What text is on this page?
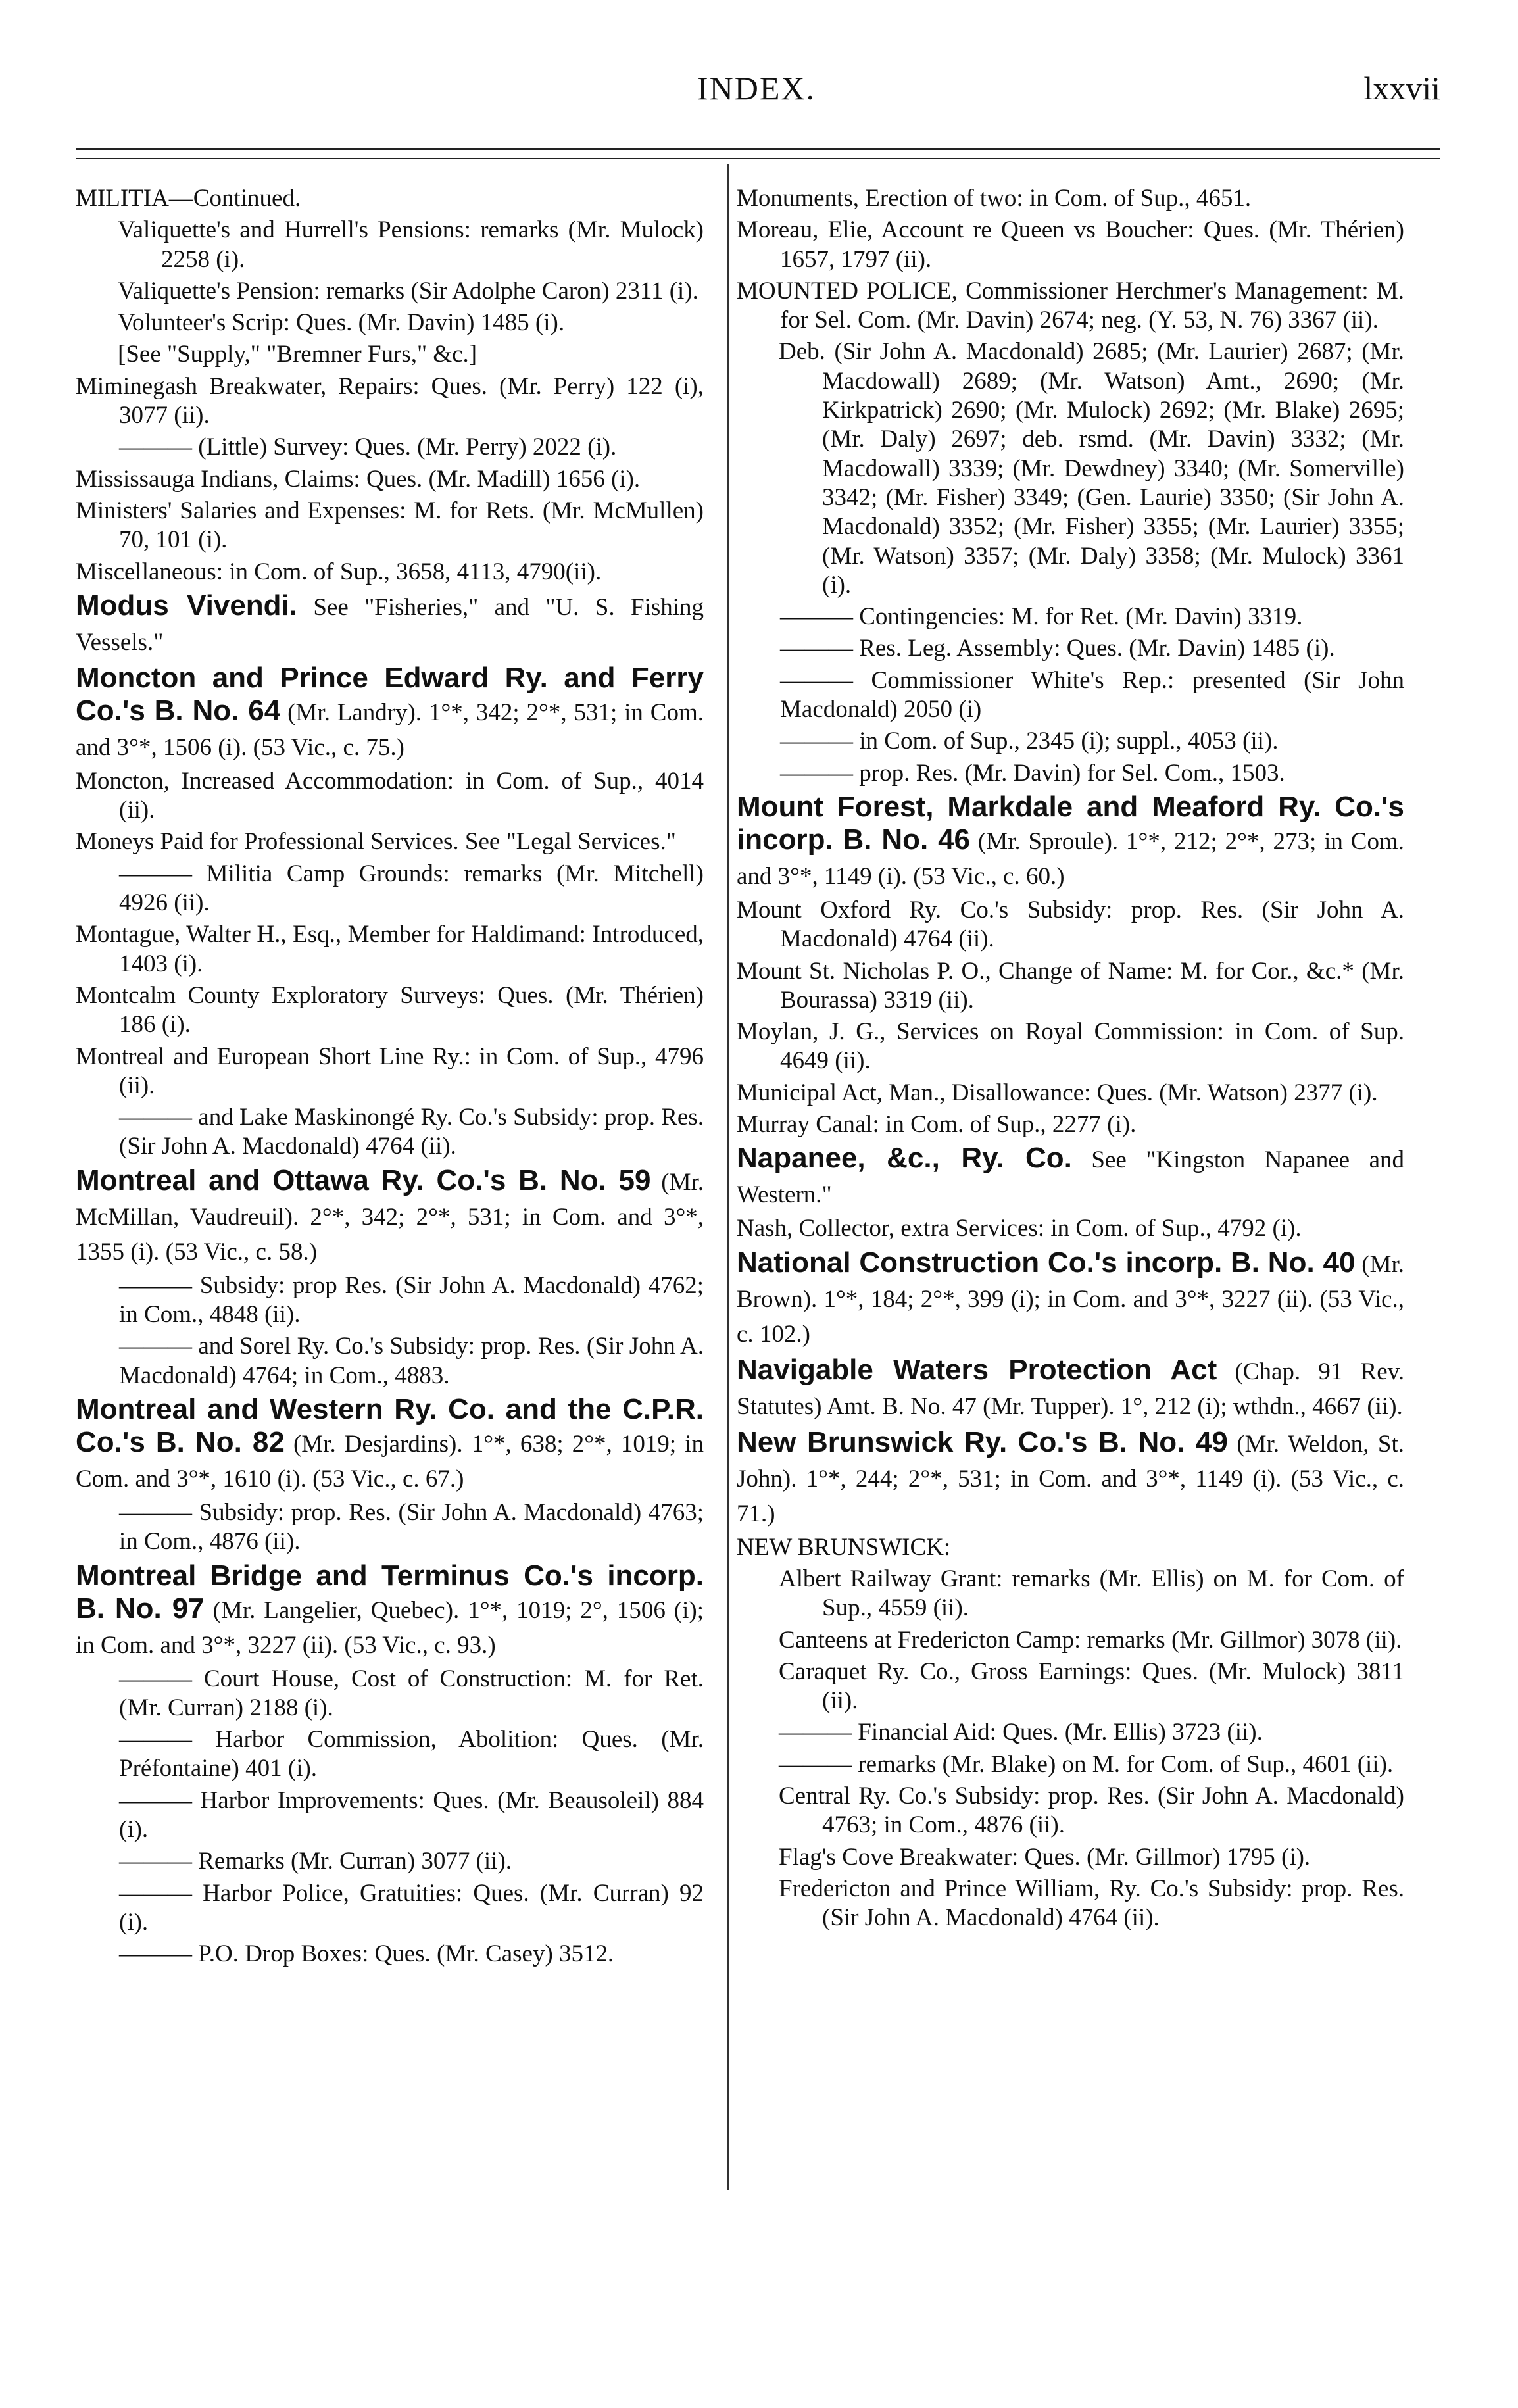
INDEX.	lxxvii
MILITIA—Continued.
Valiquette's and Hurrell's Pensions: remarks (Mr. Mulock) 2258 (i).
Valiquette's Pension: remarks (Sir Adolphe Caron) 2311 (i).
Volunteer's Scrip: Ques. (Mr. Davin) 1485 (i).
[See "Supply," "Bremner Furs," &c.]
Miminegash Breakwater, Repairs: Ques. (Mr. Perry) 122 (i), 3077 (ii).
——— (Little) Survey: Ques. (Mr. Perry) 2022 (i).
Mississauga Indians, Claims: Ques. (Mr. Madill) 1656 (i).
Ministers' Salaries and Expenses: M. for Rets. (Mr. McMullen) 70, 101 (i).
Miscellaneous: in Com. of Sup., 3658, 4113, 4790(ii).
Modus Vivendi. See "Fisheries," and "U. S. Fishing Vessels."
Moncton and Prince Edward Ry. and Ferry Co.'s B. No. 64 (Mr. Landry). 1°*, 342; 2°*, 531; in Com. and 3°*, 1506 (i). (53 Vic., c. 75.)
Moncton, Increased Accommodation: in Com. of Sup., 4014 (ii).
Moneys Paid for Professional Services. See "Legal Services."
——— Militia Camp Grounds: remarks (Mr. Mitchell) 4926 (ii).
Montague, Walter H., Esq., Member for Haldimand: Introduced, 1403 (i).
Montcalm County Exploratory Surveys: Ques. (Mr. Thérien) 186 (i).
Montreal and European Short Line Ry.: in Com. of Sup., 4796 (ii).
——— and Lake Maskinongé Ry. Co.'s Subsidy: prop. Res. (Sir John A. Macdonald) 4764 (ii).
Montreal and Ottawa Ry. Co.'s B. No. 59 (Mr. McMillan, Vaudreuil). 2°*, 342; 2°*, 531; in Com. and 3°*, 1355 (i). (53 Vic., c. 58.)
——— Subsidy: prop Res. (Sir John A. Macdonald) 4762; in Com., 4848 (ii).
——— and Sorel Ry. Co.'s Subsidy: prop. Res. (Sir John A. Macdonald) 4764; in Com., 4883.
Montreal and Western Ry. Co. and the C.P.R. Co.'s B. No. 82 (Mr. Desjardins). 1°*, 638; 2°*, 1019; in Com. and 3°*, 1610 (i). (53 Vic., c. 67.)
——— Subsidy: prop. Res. (Sir John A. Macdonald) 4763; in Com., 4876 (ii).
Montreal Bridge and Terminus Co.'s incorp. B. No. 97 (Mr. Langelier, Quebec). 1°*, 1019; 2°, 1506 (i); in Com. and 3°*, 3227 (ii). (53 Vic., c. 93.)
——— Court House, Cost of Construction: M. for Ret. (Mr. Curran) 2188 (i).
——— Harbor Commission, Abolition: Ques. (Mr. Préfontaine) 401 (i).
——— Harbor Improvements: Ques. (Mr. Beausoleil) 884 (i).
——— Remarks (Mr. Curran) 3077 (ii).
——— Harbor Police, Gratuities: Ques. (Mr. Curran) 92 (i).
——— P.O. Drop Boxes: Ques. (Mr. Casey) 3512.
Monuments, Erection of two: in Com. of Sup., 4651.
Moreau, Elie, Account re Queen vs Boucher: Ques. (Mr. Thérien) 1657, 1797 (ii).
MOUNTED POLICE, Commissioner Herchmer's Management: M. for Sel. Com. (Mr. Davin) 2674; neg. (Y. 53, N. 76) 3367 (ii).
Deb. (Sir John A. Macdonald) 2685; (Mr. Laurier) 2687; (Mr. Macdowall) 2689; (Mr. Watson) Amt., 2690; (Mr. Kirkpatrick) 2690; (Mr. Mulock) 2692; (Mr. Blake) 2695; (Mr. Daly) 2697; deb. rsmd. (Mr. Davin) 3332; (Mr. Macdowall) 3339; (Mr. Dewdney) 3340; (Mr. Somerville) 3342; (Mr. Fisher) 3349; (Gen. Laurie) 3350; (Sir John A. Macdonald) 3352; (Mr. Fisher) 3355; (Mr. Laurier) 3355; (Mr. Watson) 3357; (Mr. Daly) 3358; (Mr. Mulock) 3361 (i).
——— Contingencies: M. for Ret. (Mr. Davin) 3319.
——— Res. Leg. Assembly: Ques. (Mr. Davin) 1485 (i).
——— Commissioner White's Rep.: presented (Sir John Macdonald) 2050 (i)
——— in Com. of Sup., 2345 (i); suppl., 4053 (ii).
——— prop. Res. (Mr. Davin) for Sel. Com., 1503.
Mount Forest, Markdale and Meaford Ry. Co.'s incorp. B. No. 46 (Mr. Sproule). 1°*, 212; 2°*, 273; in Com. and 3°*, 1149 (i). (53 Vic., c. 60.)
Mount Oxford Ry. Co.'s Subsidy: prop. Res. (Sir John A. Macdonald) 4764 (ii).
Mount St. Nicholas P. O., Change of Name: M. for Cor., &c.* (Mr. Bourassa) 3319 (ii).
Moylan, J. G., Services on Royal Commission: in Com. of Sup. 4649 (ii).
Municipal Act, Man., Disallowance: Ques. (Mr. Watson) 2377 (i).
Murray Canal: in Com. of Sup., 2277 (i).
Napanee, &c., Ry. Co. See "Kingston Napanee and Western."
Nash, Collector, extra Services: in Com. of Sup., 4792 (i).
National Construction Co.'s incorp. B. No. 40 (Mr. Brown). 1°*, 184; 2°*, 399 (i); in Com. and 3°*, 3227 (ii). (53 Vic., c. 102.)
Navigable Waters Protection Act (Chap. 91 Rev. Statutes) Amt. B. No. 47 (Mr. Tupper). 1°, 212 (i); wthdn., 4667 (ii).
New Brunswick Ry. Co.'s B. No. 49 (Mr. Weldon, St. John). 1°*, 244; 2°*, 531; in Com. and 3°*, 1149 (i). (53 Vic., c. 71.)
NEW BRUNSWICK:
Albert Railway Grant: remarks (Mr. Ellis) on M. for Com. of Sup., 4559 (ii).
Canteens at Fredericton Camp: remarks (Mr. Gillmor) 3078 (ii).
Caraquet Ry. Co., Gross Earnings: Ques. (Mr. Mulock) 3811 (ii).
——— Financial Aid: Ques. (Mr. Ellis) 3723 (ii).
——— remarks (Mr. Blake) on M. for Com. of Sup., 4601 (ii).
Central Ry. Co.'s Subsidy: prop. Res. (Sir John A. Macdonald) 4763; in Com., 4876 (ii).
Flag's Cove Breakwater: Ques. (Mr. Gillmor) 1795 (i).
Fredericton and Prince William, Ry. Co.'s Subsidy: prop. Res. (Sir John A. Macdonald) 4764 (ii).
